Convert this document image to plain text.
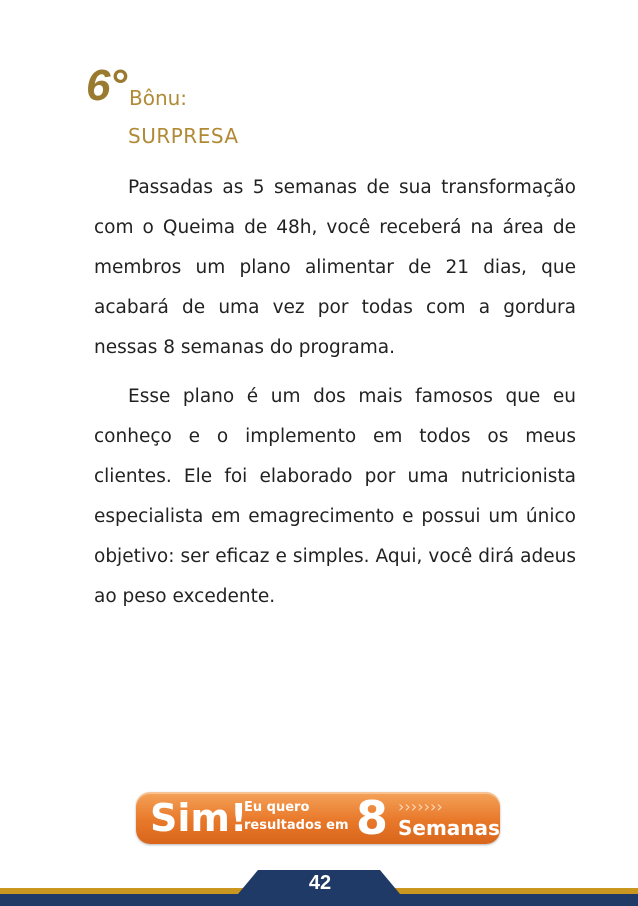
6° Bônu:
SURPRESA

Passadas as 5 semanas de sua transformação com o Queima de 48h, você receberá na área de membros um plano alimentar de 21 dias, que acabará de uma vez por todas com a gordura nessas 8 semanas do programa.

Esse plano é um dos mais famosos que eu conheço e o implemento em todos os meus clientes. Ele foi elaborado por uma nutricionista especialista em emagrecimento e possui um único objetivo: ser eficaz e simples. Aqui, você dirá adeus ao peso excedente.

Sim!
Eu quero
resultados em 8 ›››››››
Semanas
42
